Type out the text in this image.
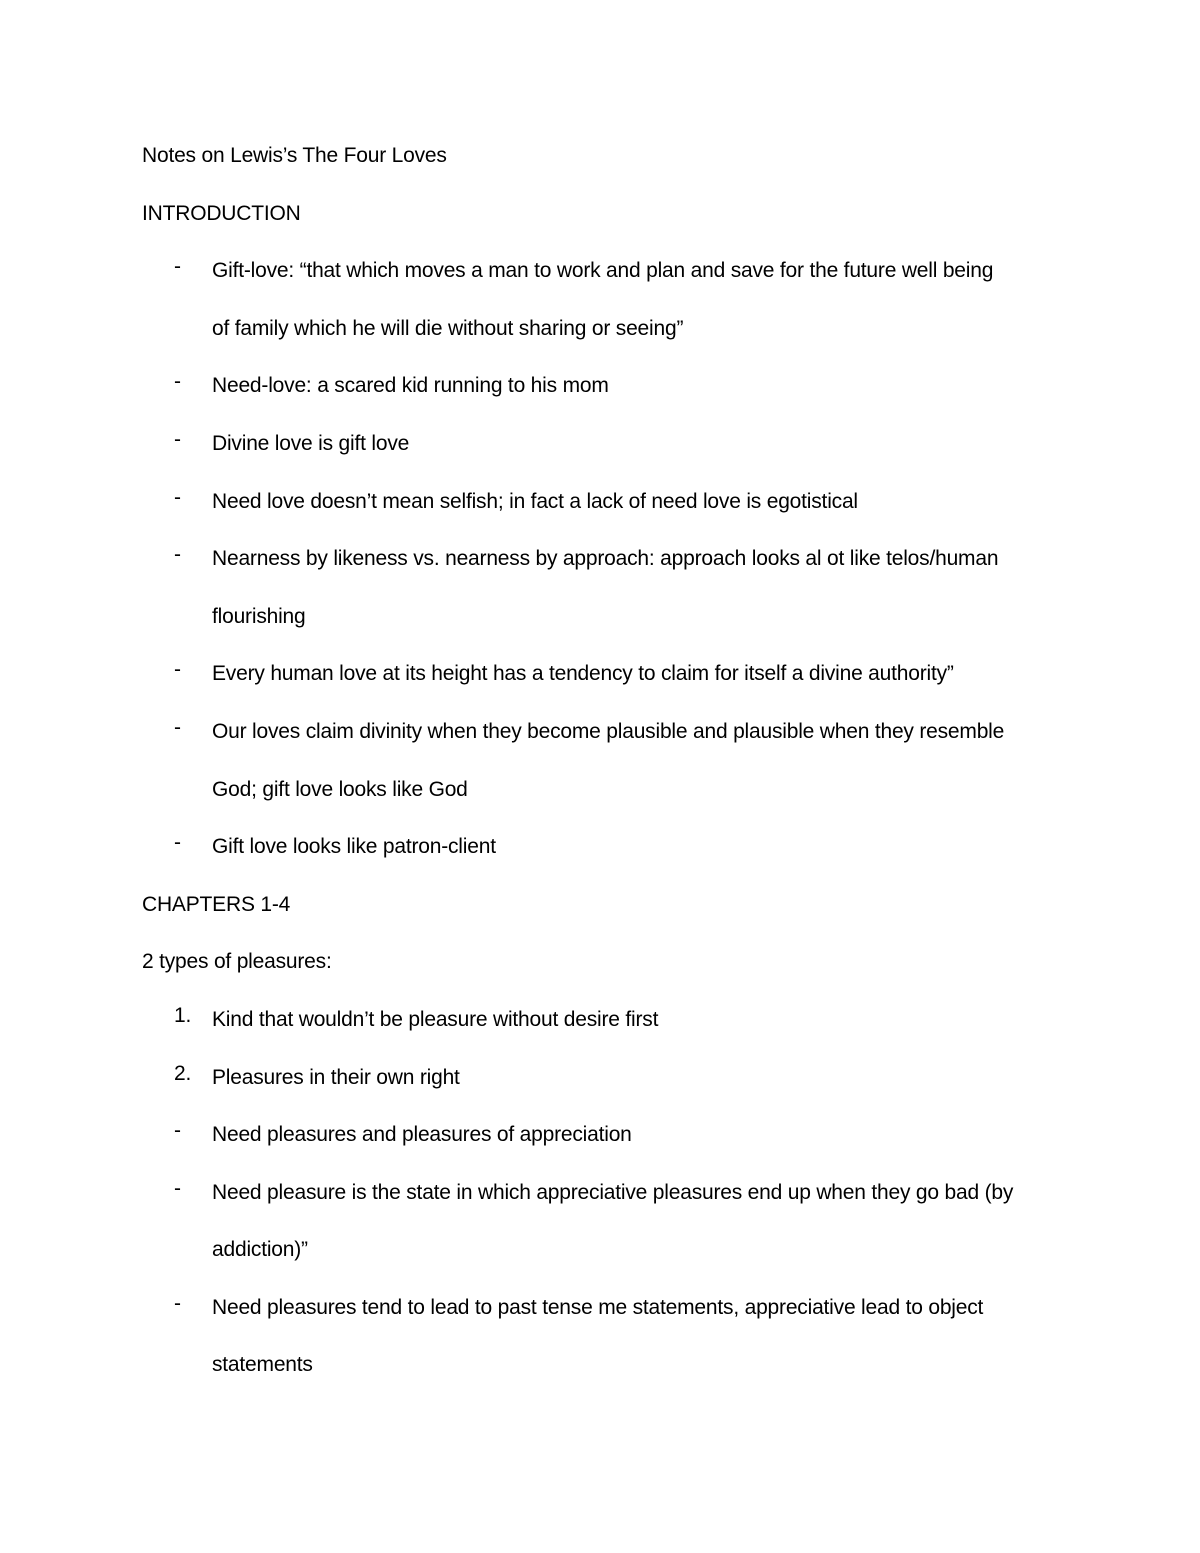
Notes on Lewis’s The Four Loves
INTRODUCTION
-	Gift-love: “that which moves a man to work and plan and save for the future well being
of family which he will die without sharing or seeing”
-	Need-love: a scared kid running to his mom
-	Divine love is gift love
-	Need love doesn’t mean selfish; in fact a lack of need love is egotistical
-	Nearness by likeness vs. nearness by approach: approach looks al ot like telos/human
flourishing
-	Every human love at its height has a tendency to claim for itself a divine authority”
-	Our loves claim divinity when they become plausible and plausible when they resemble
God; gift love looks like God
-	Gift love looks like patron-client
CHAPTERS 1-4
2 types of pleasures:
1. Kind that wouldn’t be pleasure without desire first
2. Pleasures in their own right
-	Need pleasures and pleasures of appreciation
-	Need pleasure is the state in which appreciative pleasures end up when they go bad (by
addiction)”
-	Need pleasures tend to lead to past tense me statements, appreciative lead to object
statements
